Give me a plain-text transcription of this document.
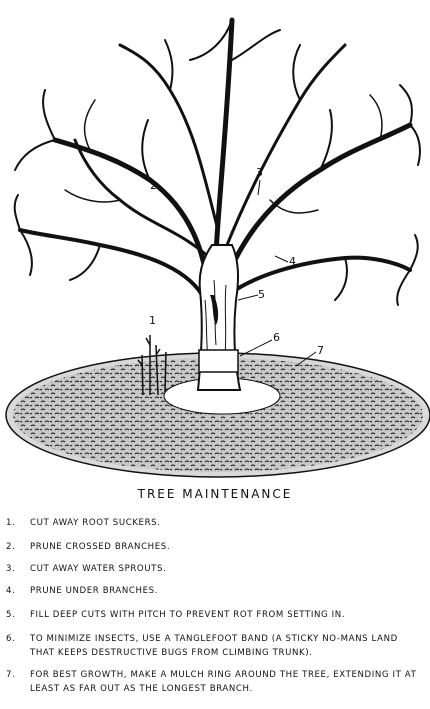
1
2
3
4
5
6
7
TREE MAINTENANCE
1.	CUT AWAY ROOT SUCKERS.
2.	PRUNE CROSSED BRANCHES.
3.	CUT AWAY WATER SPROUTS.
4.	PRUNE UNDER BRANCHES.
5.	FILL DEEP CUTS WITH PITCH TO PREVENT ROT FROM SETTING IN.
6.	TO MINIMIZE INSECTS, USE A TANGLEFOOT BAND (A STICKY NO-MANS LAND THAT KEEPS DESTRUCTIVE BUGS FROM CLIMBING TRUNK).
7.	FOR BEST GROWTH, MAKE A MULCH RING AROUND THE TREE, EXTENDING IT AT LEAST AS FAR OUT AS THE LONGEST BRANCH.
